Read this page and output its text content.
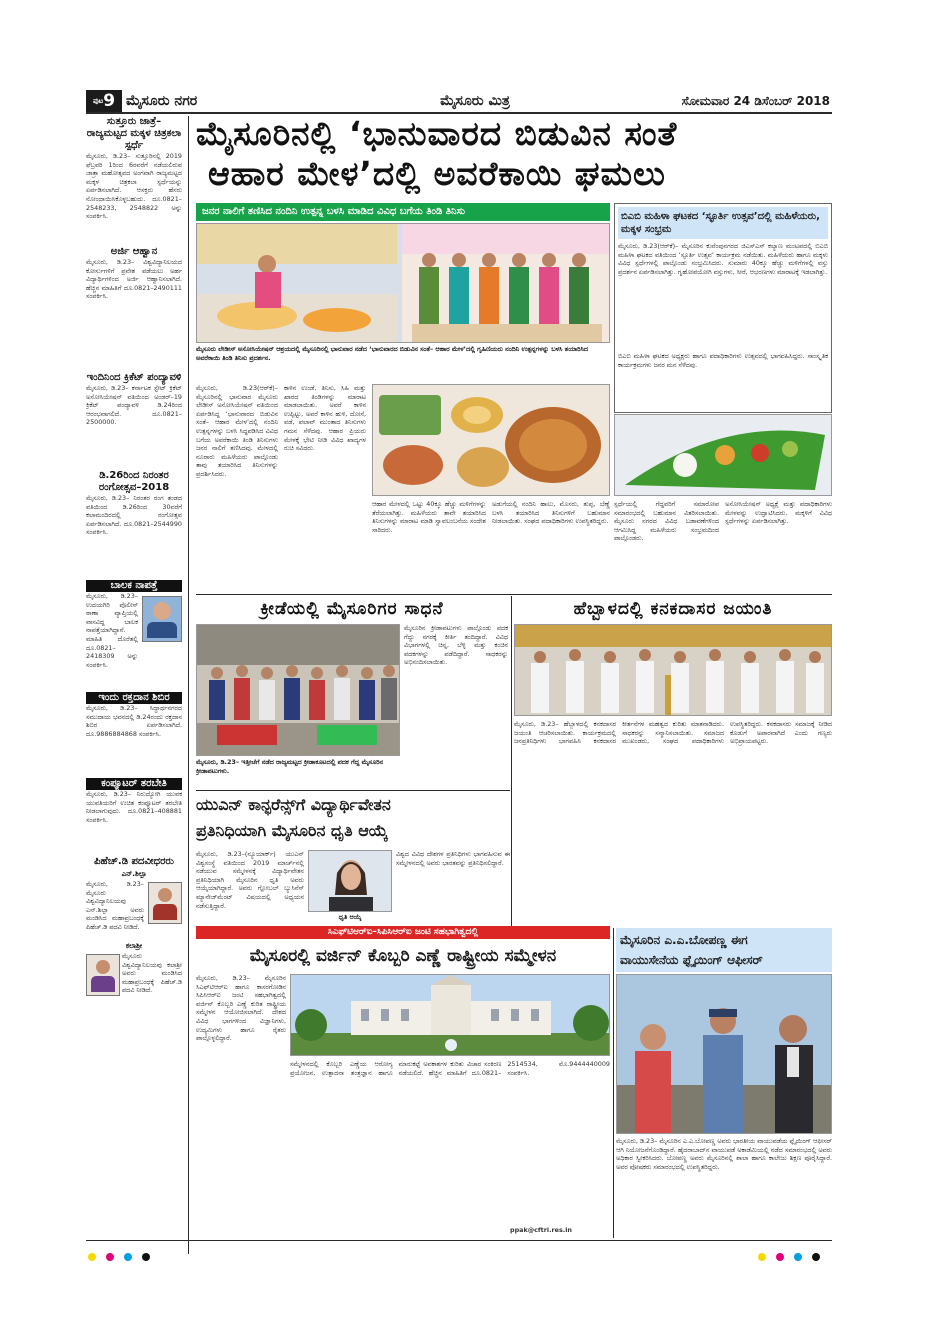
$^{ಪುಟ}$9 ಮೈಸೂರು ನಗರ	ಮೈಸೂರು ಮಿತ್ರ	ಸೋಮವಾರ 24 ಡಿಸೆಂಬರ್ 2018
ಸುತ್ತೂರು ಜಾತ್ರೆ– ರಾಜ್ಯಮಟ್ಟದ ಮಕ್ಕಳ ಚಿತ್ರಕಲಾ ಸ್ಪರ್ಧೆ
ಮೈಸೂರು, ಡಿ.23– ಸುತ್ತೂರಿನಲ್ಲಿ 2019 ಫೆಬ್ರವರಿ 1ರಿಂದ 6ರವರೆಗೆ ನಡೆಯಲಿರುವ ಜಾತ್ರಾ ಮಹೋತ್ಸವದ ಅಂಗವಾಗಿ ರಾಜ್ಯಮಟ್ಟದ ಮಕ್ಕಳ ಚಿತ್ರಕಲಾ ಸ್ಪರ್ಧೆಯನ್ನು ಏರ್ಪಡಿಸಲಾಗಿದೆ. ಆಸಕ್ತರು ಹೆಸರು ನೋಂದಾಯಿಸಿಕೊಳ್ಳಬಹುದು. ದೂ.0821–2548233, 2548822 ಅನ್ನು ಸಂಪರ್ಕಿಸಿ.
ಅರ್ಜಿ ಆಹ್ವಾನ
ಮೈಸೂರು, ಡಿ.23– ವಿಶ್ವವಿದ್ಯಾನಿಲಯದ ಕೋರ್ಸುಗಳಿಗೆ ಪ್ರವೇಶ ಪಡೆಯಲು ಅರ್ಹ ವಿದ್ಯಾರ್ಥಿಗಳಿಂದ ಅರ್ಜಿ ಆಹ್ವಾನಿಸಲಾಗಿದೆ. ಹೆಚ್ಚಿನ ಮಾಹಿತಿಗೆ ದೂ.0821–2490111 ಸಂಪರ್ಕಿಸಿ.
ಇಂದಿನಿಂದ ಕ್ರಿಕೆಟ್ ಪಂದ್ಯಾವಳಿ
ಮೈಸೂರು, ಡಿ.23– ಕರ್ನಾಟಕ ಸ್ಟೇಟ್ ಕ್ರಿಕೆಟ್ ಅಸೋಸಿಯೇಷನ್ ವತಿಯಿಂದ ಅಂಡರ್–19 ಕ್ರಿಕೆಟ್ ಪಂದ್ಯಾವಳಿ ಡಿ.24ರಿಂದ ಆರಂಭವಾಗಲಿದೆ. ದೂ.0821–2500000.
ಡಿ.26ರಿಂದ ನಿರಂತರ ರಂಗೋತ್ಸವ–2018
ಮೈಸೂರು, ಡಿ.23– ನಿರಂತರ ರಂಗ ತಂಡದ ವತಿಯಿಂದ ಡಿ.26ರಿಂದ 30ವರೆಗೆ ಕಲಾಮಂದಿರದಲ್ಲಿ ರಂಗೋತ್ಸವ ಏರ್ಪಡಿಸಲಾಗಿದೆ. ದೂ.0821–2544990 ಸಂಪರ್ಕಿಸಿ.
ಬಾಲಕ ನಾಪತ್ತೆ
ಮೈಸೂರು, ಡಿ.23– ಉದಯಗಿರಿ ಪೊಲೀಸ್ ಠಾಣಾ ವ್ಯಾಪ್ತಿಯಲ್ಲಿ ವಾಸವಿದ್ದ ಬಾಲಕ ನಾಪತ್ತೆಯಾಗಿದ್ದಾನೆ. ಮಾಹಿತಿ ದೊರೆತಲ್ಲಿ ದೂ.0821–2418309 ಅನ್ನು ಸಂಪರ್ಕಿಸಿ.
ಇಂದು ರಕ್ತದಾನ ಶಿಬಿರ
ಮೈಸೂರು, ಡಿ.23– ಸಿದ್ಧಾರ್ಥನಗರದ ಸಮುದಾಯ ಭವನದಲ್ಲಿ ಡಿ.24ರಂದು ರಕ್ತದಾನ ಶಿಬಿರ ಏರ್ಪಡಿಸಲಾಗಿದೆ. ದೂ.9886884868 ಸಂಪರ್ಕಿಸಿ.
ಕಂಪ್ಯೂಟರ್ ತರಬೇತಿ
ಮೈಸೂರು, ಡಿ.23– ನಿರುದ್ಯೋಗಿ ಯುವಕ ಯುವತಿಯರಿಗೆ ಉಚಿತ ಕಂಪ್ಯೂಟರ್ ತರಬೇತಿ ನೀಡಲಾಗುವುದು. ದೂ.0821–408881 ಸಂಪರ್ಕಿಸಿ.
ಪಿಹೆಚ್.ಡಿ ಪದವೀಧರರು
ಎನ್.ಶಿಲ್ಪಾ
ಮೈಸೂರು, ಡಿ.23– ಮೈಸೂರು ವಿಶ್ವವಿದ್ಯಾನಿಲಯವು ಎನ್.ಶಿಲ್ಪಾ ಅವರು ಮಂಡಿಸಿದ ಮಹಾಪ್ರಬಂಧಕ್ಕೆ ಪಿಹೆಚ್.ಡಿ ಪದವಿ ನೀಡಿದೆ.
ಕಲಾಶ್ರೀ
ಮೈಸೂರು ವಿಶ್ವವಿದ್ಯಾನಿಲಯವು ಕಲಾಶ್ರೀ ಅವರು ಮಂಡಿಸಿದ ಮಹಾಪ್ರಬಂಧಕ್ಕೆ ಪಿಹೆಚ್.ಡಿ ಪದವಿ ನೀಡಿದೆ.
ಮೈಸೂರಿನಲ್ಲಿ ‘ಭಾನುವಾರದ ಬಿಡುವಿನ ಸಂತೆ
ಆಹಾರ ಮೇಳ’ದಲ್ಲಿ ಅವರೆಕಾಯಿ ಘಮಲು
ಜನರ ನಾಲಿಗೆ ತಣಿಸಿದ ನಂದಿನಿ ಉತ್ಪನ್ನ ಬಳಸಿ ಮಾಡಿದ ವಿವಿಧ ಬಗೆಯ ತಿಂಡಿ ತಿನಿಸು
ಮೈಸೂರು ಲೇಡೀಸ್ ಅಸೋಸಿಯೇಷನ್ ಆಶ್ರಯದಲ್ಲಿ ಮೈಸೂರಿನಲ್ಲಿ ಭಾನುವಾರ ನಡೆದ ‘ಭಾನುವಾರದ ಬಿಡುವಿನ ಸಂತೆ– ಆಹಾರ ಮೇಳ’ದಲ್ಲಿ ಗೃಹಿಣಿಯರು ನಂದಿನಿ ಉತ್ಪನ್ನಗಳನ್ನು ಬಳಸಿ ತಯಾರಿಸಿದ ಅವರೆಕಾಯಿ ತಿಂಡಿ ತಿನಿಸು ಪ್ರದರ್ಶನ.
ಮೈಸೂರು, ಡಿ.23(ಆರ್‌ಕೆ)– ಮೈಸೂರಿನಲ್ಲಿ ಭಾನುವಾರ ಮೈಸೂರು ಲೇಡೀಸ್ ಅಸೋಸಿಯೇಷನ್ ವತಿಯಿಂದ ಏರ್ಪಡಿಸಿದ್ದ ‘ಭಾನುವಾರದ ಬಿಡುವಿನ ಸಂತೆ– ಆಹಾರ ಮೇಳ’ದಲ್ಲಿ ನಂದಿನಿ ಉತ್ಪನ್ನಗಳನ್ನು ಬಳಸಿ ಸಿದ್ಧಪಡಿಸಿದ ವಿವಿಧ ಬಗೆಯ ಅವರೆಕಾಯಿ ತಿಂಡಿ ತಿನಿಸುಗಳು ಜನರ ನಾಲಿಗೆ ತಣಿಸಿದವು. ಮೇಳದಲ್ಲಿ ನೂರಾರು ಮಹಿಳೆಯರು ಪಾಲ್ಗೊಂಡು ತಾವು ತಯಾರಿಸಿದ ತಿನಿಸುಗಳನ್ನು ಪ್ರದರ್ಶಿಸಿದರು.
ಕಾಳಿನ ಉಂಡೆ, ತಿನಿಸು, ಸಿಹಿ ಮತ್ತು ಖಾರದ ತಿಂಡಿಗಳನ್ನು ಮಾರಾಟ ಮಾಡಲಾಯಿತು. ಅವರೆ ಕಾಳಿನ ಉಪ್ಪಿಟ್ಟು, ಅವರೆ ಕಾಳಿನ ಹುಳಿ, ದೋಸೆ, ವಡೆ, ಪಲಾವ್ ಮುಂತಾದ ತಿನಿಸುಗಳು ಗಮನ ಸೆಳೆದವು. ಆಹಾರ ಪ್ರಿಯರು ಮೇಳಕ್ಕೆ ಭೇಟಿ ನೀಡಿ ವಿವಿಧ ಖಾದ್ಯಗಳ ರುಚಿ ಸವಿದರು.
ಆಹಾರ ಮೇಳದಲ್ಲಿ ಒಟ್ಟು 40ಕ್ಕೂ ಹೆಚ್ಚು ಮಳಿಗೆಗಳನ್ನು ತೆರೆಯಲಾಗಿತ್ತು. ಮಹಿಳೆಯರು ತಾವೇ ತಯಾರಿಸಿದ ತಿನಿಸುಗಳನ್ನು ಮಾರಾಟ ಮಾಡಿ ಸ್ವಾವಲಂಬನೆಯ ಸಂದೇಶ ಸಾರಿದರು.
ಅಡುಗೆಯಲ್ಲಿ ನಂದಿನಿ ಹಾಲು, ಮೊಸರು, ತುಪ್ಪ, ಬೆಣ್ಣೆ ಬಳಸಿ ತಯಾರಿಸಿದ ತಿನಿಸುಗಳಿಗೆ ಬಹುಮಾನ ನೀಡಲಾಯಿತು. ಸಂಘದ ಪದಾಧಿಕಾರಿಗಳು ಉಪಸ್ಥಿತರಿದ್ದರು.
ಬಿಎಬಿ ಮಹಿಳಾ ಘಟಕದ ‘ಸ್ಫೂರ್ತಿ ಉತ್ಸವ’ದಲ್ಲಿ ಮಹಿಳೆಯರು, ಮಕ್ಕಳ ಸಂಭ್ರಮ
ಮೈಸೂರು, ಡಿ.23(ಆರ್‌ಕೆ)– ಮೈಸೂರಿನ ಕುವೆಂಪುನಗರದ ಜಿಎಸ್‌ಎಸ್ ಕಲ್ಯಾಣ ಮಂಟಪದಲ್ಲಿ ಬಿಎಬಿ ಮಹಿಳಾ ಘಟಕದ ವತಿಯಿಂದ ‘ಸ್ಫೂರ್ತಿ ಉತ್ಸವ’ ಕಾರ್ಯಕ್ರಮ ನಡೆಯಿತು. ಮಹಿಳೆಯರು ಹಾಗೂ ಮಕ್ಕಳು ವಿವಿಧ ಸ್ಪರ್ಧೆಗಳಲ್ಲಿ ಪಾಲ್ಗೊಂಡು ಸಂಭ್ರಮಿಸಿದರು. ಸುಮಾರು 40ಕ್ಕೂ ಹೆಚ್ಚು ಮಳಿಗೆಗಳಲ್ಲಿ ವಸ್ತು ಪ್ರದರ್ಶನ ಏರ್ಪಡಿಸಲಾಗಿತ್ತು. ಗೃಹೋಪಯೋಗಿ ವಸ್ತುಗಳು, ಸೀರೆ, ಆಭರಣಗಳು ಮಾರಾಟಕ್ಕೆ ಇಡಲಾಗಿತ್ತು.
ಬಿಎಬಿ ಮಹಿಳಾ ಘಟಕದ ಅಧ್ಯಕ್ಷರು ಹಾಗೂ ಪದಾಧಿಕಾರಿಗಳು ಉತ್ಸವದಲ್ಲಿ ಭಾಗವಹಿಸಿದ್ದರು. ಸಾಂಸ್ಕೃತಿಕ ಕಾರ್ಯಕ್ರಮಗಳು ಜನರ ಮನ ಸೆಳೆದವು.
ಸ್ಪರ್ಧೆಯಲ್ಲಿ ಗೆದ್ದವರಿಗೆ ಸಮಾರೋಪ ಸಮಾರಂಭದಲ್ಲಿ ಬಹುಮಾನ ವಿತರಿಸಲಾಯಿತು. ಮೈಸೂರು ನಗರದ ವಿವಿಧ ಬಡಾವಣೆಗಳಿಂದ ಆಗಮಿಸಿದ್ದ ಮಹಿಳೆಯರು ಸಂಭ್ರಮದಿಂದ ಪಾಲ್ಗೊಂಡರು.
ಅಸೋಸಿಯೇಷನ್ ಅಧ್ಯಕ್ಷೆ ಮತ್ತು ಪದಾಧಿಕಾರಿಗಳು ಮೇಳವನ್ನು ಉದ್ಘಾಟಿಸಿದರು. ಮಕ್ಕಳಿಗೆ ವಿವಿಧ ಸ್ಪರ್ಧೆಗಳನ್ನು ಏರ್ಪಡಿಸಲಾಗಿತ್ತು.
ಕ್ರೀಡೆಯಲ್ಲಿ ಮೈಸೂರಿಗರ ಸಾಧನೆ
ಮೈಸೂರು, ಡಿ.23– ಇತ್ತೀಚೆಗೆ ನಡೆದ ರಾಜ್ಯಮಟ್ಟದ ಕ್ರೀಡಾಕೂಟದಲ್ಲಿ ಪದಕ ಗೆದ್ದ ಮೈಸೂರಿನ ಕ್ರೀಡಾಪಟುಗಳು.
ಮೈಸೂರಿನ ಕ್ರೀಡಾಪಟುಗಳು ಪಾಲ್ಗೊಂಡು ಪದಕ ಗೆದ್ದು ನಗರಕ್ಕೆ ಕೀರ್ತಿ ತಂದಿದ್ದಾರೆ. ವಿವಿಧ ವಿಭಾಗಗಳಲ್ಲಿ ಚಿನ್ನ, ಬೆಳ್ಳಿ ಮತ್ತು ಕಂಚಿನ ಪದಕಗಳನ್ನು ಪಡೆದಿದ್ದಾರೆ. ಸಾಧಕರನ್ನು ಅಭಿನಂದಿಸಲಾಯಿತು.
ಹೆಬ್ಬಾಳದಲ್ಲಿ ಕನಕದಾಸರ ಜಯಂತಿ
ಮೈಸೂರು, ಡಿ.23– ಹೆಬ್ಬಾಳದಲ್ಲಿ ಕನಕದಾಸರ ಜಯಂತಿ ಆಚರಿಸಲಾಯಿತು. ಕಾರ್ಯಕ್ರಮದಲ್ಲಿ ಜನಪ್ರತಿನಿಧಿಗಳು ಭಾಗವಹಿಸಿ ಕನಕದಾಸರ ಕೀರ್ತನೆಗಳ ಮಹತ್ವದ ಕುರಿತು ಮಾತನಾಡಿದರು. ಸಾಧಕರನ್ನು ಸನ್ಮಾನಿಸಲಾಯಿತು. ಸಮಾಜದ ಮುಖಂಡರು, ಸಂಘದ ಪದಾಧಿಕಾರಿಗಳು ಉಪಸ್ಥಿತರಿದ್ದರು. ಕನಕದಾಸರು ಸಮಾಜಕ್ಕೆ ನೀಡಿದ ಕೊಡುಗೆ ಅಪಾರವಾಗಿದೆ ಎಂದು ಗಣ್ಯರು ಅಭಿಪ್ರಾಯಪಟ್ಟರು.
ಯುಎನ್ ಕಾನ್ಫರೆನ್ಸ್‌ಗೆ ವಿದ್ಯಾರ್ಥಿವೇತನ
ಪ್ರತಿನಿಧಿಯಾಗಿ ಮೈಸೂರಿನ ಧೃತಿ ಆಯ್ಕೆ
ಮೈಸೂರು, ಡಿ.23–(ನ್ಯೂಯಾರ್ಕ್) ಯುಎನ್ ವಿಶ್ವಸಂಸ್ಥೆ ವತಿಯಿಂದ 2019 ಮಾರ್ಚ್‌ನಲ್ಲಿ ನಡೆಯುವ ಸಮ್ಮೇಳನಕ್ಕೆ ವಿದ್ಯಾರ್ಥಿವೇತನ ಪ್ರತಿನಿಧಿಯಾಗಿ ಮೈಸೂರಿನ ಧೃತಿ ಅವರು ಆಯ್ಕೆಯಾಗಿದ್ದಾರೆ. ಅವರು ಗ್ಲೋಬಲ್ ಬ್ಯುಸಿನೆಸ್ ಮ್ಯಾನೇಜ್‌ಮೆಂಟ್ ವಿಷಯದಲ್ಲಿ ಅಧ್ಯಯನ ನಡೆಸುತ್ತಿದ್ದಾರೆ.
ಧೃತಿ ಆಯ್ಕೆ
ವಿಶ್ವದ ವಿವಿಧ ದೇಶಗಳ ಪ್ರತಿನಿಧಿಗಳು ಭಾಗವಹಿಸುವ ಈ ಸಮ್ಮೇಳನದಲ್ಲಿ ಅವರು ಭಾರತವನ್ನು ಪ್ರತಿನಿಧಿಸಲಿದ್ದಾರೆ.
ಸಿಎಫ್‌ಟಿಆರ್‌ಐ–ಸಿಪಿಸಿಆರ್‌ಐ ಜಂಟಿ ಸಹಭಾಗಿತ್ವದಲ್ಲಿ
ಮೈಸೂರಲ್ಲಿ ವರ್ಜಿನ್ ಕೊಬ್ಬರಿ ಎಣ್ಣೆ ರಾಷ್ಟ್ರೀಯ ಸಮ್ಮೇಳನ
ಮೈಸೂರು, ಡಿ.23– ಮೈಸೂರಿನ ಸಿಎಫ್‌ಟಿಆರ್‌ಐ ಹಾಗೂ ಕಾಸರಗೋಡಿನ ಸಿಪಿಸಿಆರ್‌ಐ ಜಂಟಿ ಸಹಭಾಗಿತ್ವದಲ್ಲಿ ವರ್ಜಿನ್ ಕೊಬ್ಬರಿ ಎಣ್ಣೆ ಕುರಿತ ರಾಷ್ಟ್ರೀಯ ಸಮ್ಮೇಳನ ಆಯೋಜಿಸಲಾಗಿದೆ. ದೇಶದ ವಿವಿಧ ಭಾಗಗಳಿಂದ ವಿಜ್ಞಾನಿಗಳು, ಉದ್ಯಮಿಗಳು ಹಾಗೂ ರೈತರು ಪಾಲ್ಗೊಳ್ಳಲಿದ್ದಾರೆ.
ಸಮ್ಮೇಳನದಲ್ಲಿ ಕೊಬ್ಬರಿ ಎಣ್ಣೆಯ ಆರೋಗ್ಯ ಪ್ರಯೋಜನ, ಉತ್ಪಾದನಾ ತಂತ್ರಜ್ಞಾನ ಹಾಗೂ ಮಾರುಕಟ್ಟೆ ಅವಕಾಶಗಳ ಕುರಿತು ವಿಚಾರ ಸಂಕಿರಣ ನಡೆಯಲಿದೆ. ಹೆಚ್ಚಿನ ಮಾಹಿತಿಗೆ ದೂ.0821–2514534, ಮೊ.9444440009 ಸಂಪರ್ಕಿಸಿ.
ppak@cftri.res.in
ಮೈಸೂರಿನ ಎ.ಎ.ಬೋಪಣ್ಣ ಈಗ
ವಾಯುಸೇನೆಯ ಫ್ಲೈಯಿಂಗ್ ಆಫೀಸರ್
ಮೈಸೂರು, ಡಿ.23– ಮೈಸೂರಿನ ಎ.ಎ.ಬೋಪಣ್ಣ ಅವರು ಭಾರತೀಯ ವಾಯುಪಡೆಯ ಫ್ಲೈಯಿಂಗ್ ಆಫೀಸರ್ ಆಗಿ ನಿಯೋಜನೆಗೊಂಡಿದ್ದಾರೆ. ಹೈದರಾಬಾದ್‌ನ ವಾಯುಪಡೆ ಅಕಾಡೆಮಿಯಲ್ಲಿ ನಡೆದ ಸಮಾರಂಭದಲ್ಲಿ ಅವರು ಅಧಿಕಾರ ಸ್ವೀಕರಿಸಿದರು. ಬೋಪಣ್ಣ ಅವರು ಮೈಸೂರಿನಲ್ಲಿ ಶಾಲಾ ಹಾಗೂ ಕಾಲೇಜು ಶಿಕ್ಷಣ ಪೂರೈಸಿದ್ದಾರೆ. ಅವರ ಪೋಷಕರು ಸಮಾರಂಭದಲ್ಲಿ ಉಪಸ್ಥಿತರಿದ್ದರು.
